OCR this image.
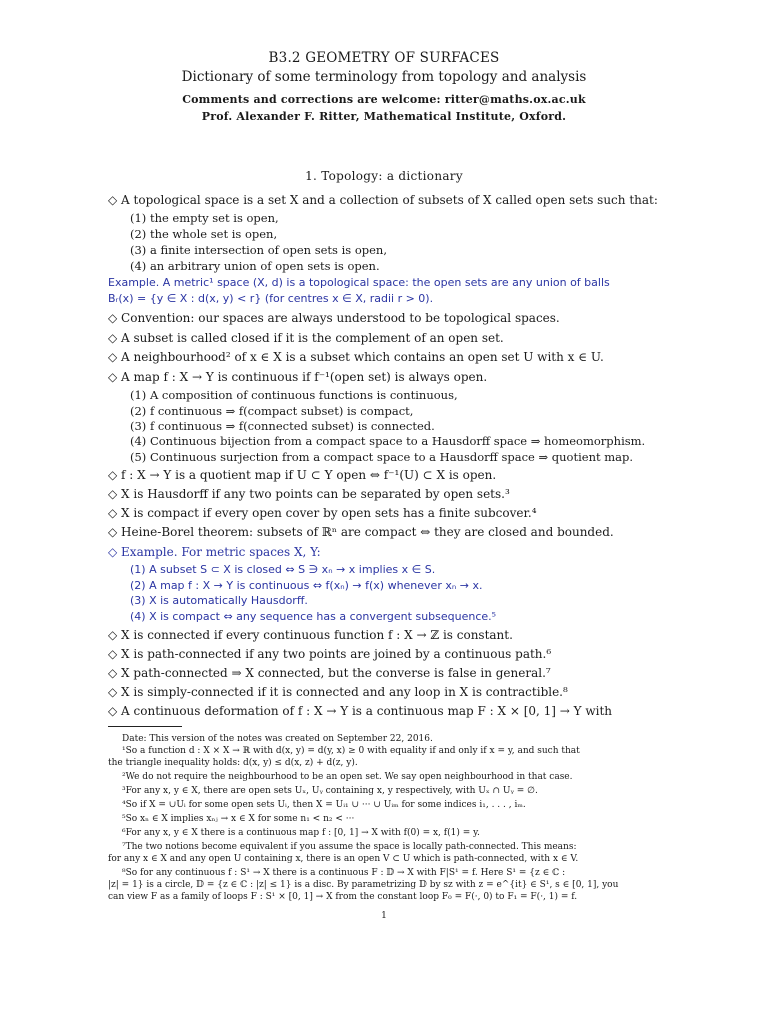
B3.2 GEOMETRY OF SURFACES
Dictionary of some terminology from topology and analysis
Comments and corrections are welcome: ritter@maths.ox.ac.uk
Prof. Alexander F. Ritter, Mathematical Institute, Oxford.
1. Topology: a dictionary
◇ A topological space is a set X and a collection of subsets of X called open sets such that:
(1) the empty set is open,
(2) the whole set is open,
(3) a finite intersection of open sets is open,
(4) an arbitrary union of open sets is open.
Example. A metric¹ space (X, d) is a topological space: the open sets are any union of balls
Bᵣ(x) = {y ∈ X : d(x, y) < r} (for centres x ∈ X, radii r > 0).
◇ Convention: our spaces are always understood to be topological spaces.
◇ A subset is called closed if it is the complement of an open set.
◇ A neighbourhood² of x ∈ X is a subset which contains an open set U with x ∈ U.
◇ A map f : X → Y is continuous if f⁻¹(open set) is always open.
(1) A composition of continuous functions is continuous,
(2) f continuous ⇒ f(compact subset) is compact,
(3) f continuous ⇒ f(connected subset) is connected.
(4) Continuous bijection from a compact space to a Hausdorff space ⇒ homeomorphism.
(5) Continuous surjection from a compact space to a Hausdorff space ⇒ quotient map.
◇ f : X → Y is a quotient map if U ⊂ Y open ⇔ f⁻¹(U) ⊂ X is open.
◇ X is Hausdorff if any two points can be separated by open sets.³
◇ X is compact if every open cover by open sets has a finite subcover.⁴
◇ Heine-Borel theorem: subsets of ℝⁿ are compact ⇔ they are closed and bounded.
◇ Example. For metric spaces X, Y:
(1) A subset S ⊂ X is closed ⇔ S ∋ xₙ → x implies x ∈ S.
(2) A map f : X → Y is continuous ⇔ f(xₙ) → f(x) whenever xₙ → x.
(3) X is automatically Hausdorff.
(4) X is compact ⇔ any sequence has a convergent subsequence.⁵
◇ X is connected if every continuous function f : X → ℤ is constant.
◇ X is path-connected if any two points are joined by a continuous path.⁶
◇ X path-connected ⇒ X connected, but the converse is false in general.⁷
◇ X is simply-connected if it is connected and any loop in X is contractible.⁸
◇ A continuous deformation of f : X → Y is a continuous map F : X × [0, 1] → Y with
Date: This version of the notes was created on September 22, 2016.
¹So a function d : X × X → ℝ with d(x, y) = d(y, x) ≥ 0 with equality if and only if x = y, and such that
the triangle inequality holds: d(x, y) ≤ d(x, z) + d(z, y).
²We do not require the neighbourhood to be an open set. We say open neighbourhood in that case.
³For any x, y ∈ X, there are open sets Uₓ, Uᵧ containing x, y respectively, with Uₓ ∩ Uᵧ = ∅.
⁴So if X = ∪Uᵢ for some open sets Uᵢ, then X = Uᵢ₁ ∪ ··· ∪ Uᵢₘ for some indices i₁, . . . , iₘ.
⁵So xₙ ∈ X implies xₙⱼ → x ∈ X for some n₁ < n₂ < ···
⁶For any x, y ∈ X there is a continuous map f : [0, 1] → X with f(0) = x, f(1) = y.
⁷The two notions become equivalent if you assume the space is locally path-connected. This means:
for any x ∈ X and any open U containing x, there is an open V ⊂ U which is path-connected, with x ∈ V.
⁸So for any continuous f : S¹ → X there is a continuous F : 𝔻 → X with F|S¹ = f. Here S¹ = {z ∈ ℂ :
|z| = 1} is a circle, 𝔻 = {z ∈ ℂ : |z| ≤ 1} is a disc. By parametrizing 𝔻 by sz with z = e^{it} ∈ S¹, s ∈ [0, 1], you
can view F as a family of loops F : S¹ × [0, 1] → X from the constant loop F₀ = F(·, 0) to F₁ = F(·, 1) = f.
1
